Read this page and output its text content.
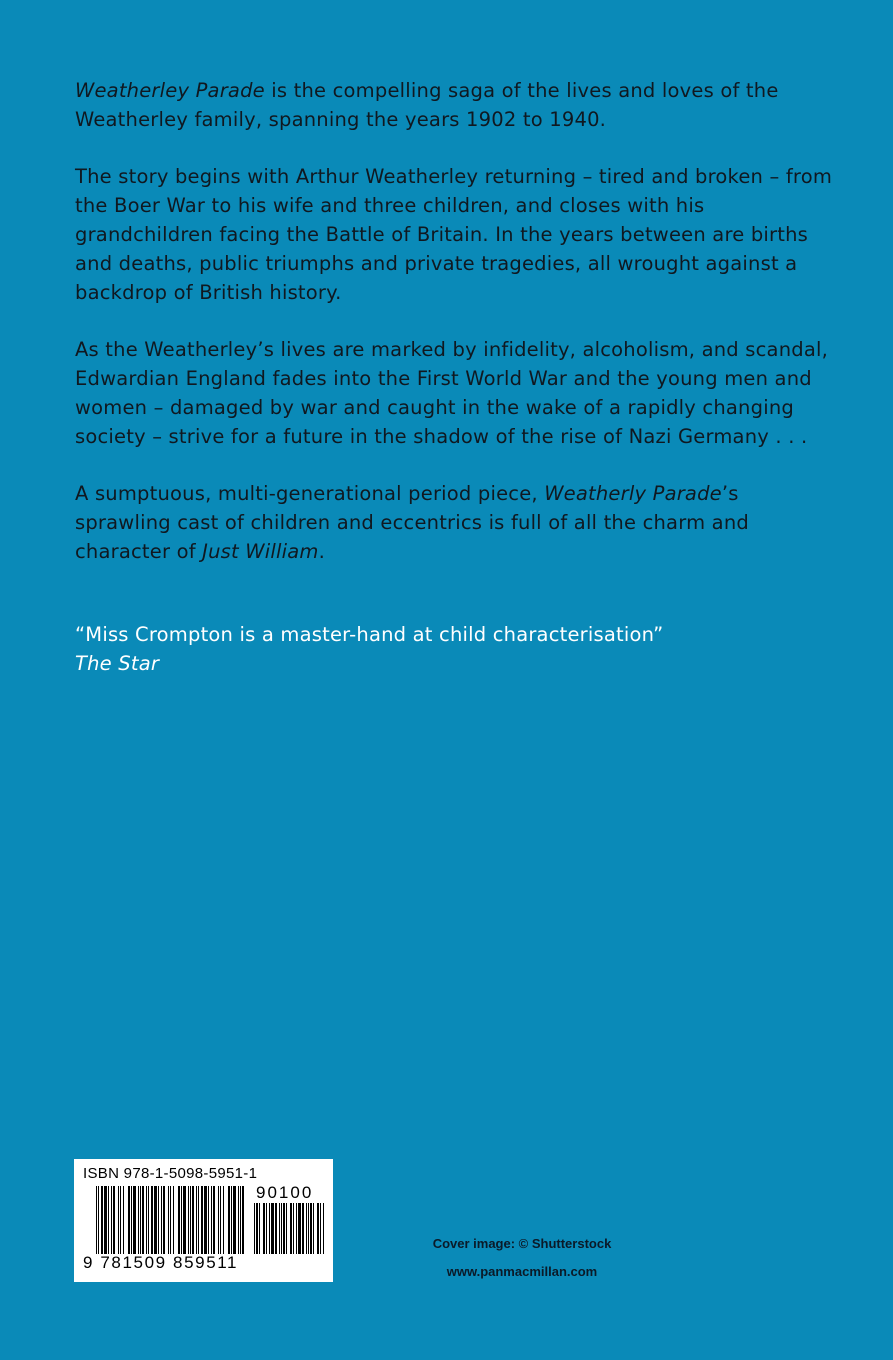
Weatherley Parade is the compelling saga of the lives and loves of the Weatherley family, spanning the years 1902 to 1940.

The story begins with Arthur Weatherley returning – tired and broken – from the Boer War to his wife and three children, and closes with his grandchildren facing the Battle of Britain. In the years between are births and deaths, public triumphs and private tragedies, all wrought against a backdrop of British history.

As the Weatherley’s lives are marked by infidelity, alcoholism, and scandal, Edwardian England fades into the First World War and the young men and women – damaged by war and caught in the wake of a rapidly changing society – strive for a future in the shadow of the rise of Nazi Germany . . .

A sumptuous, multi-generational period piece, Weatherly Parade’s sprawling cast of children and eccentrics is full of all the charm and character of Just William.

“Miss Crompton is a master-hand at child characterisation”
The Star
ISBN 978-1-5098-5951-1
90100
9 781509 859511
Cover image: © Shutterstock
www.panmacmillan.com
